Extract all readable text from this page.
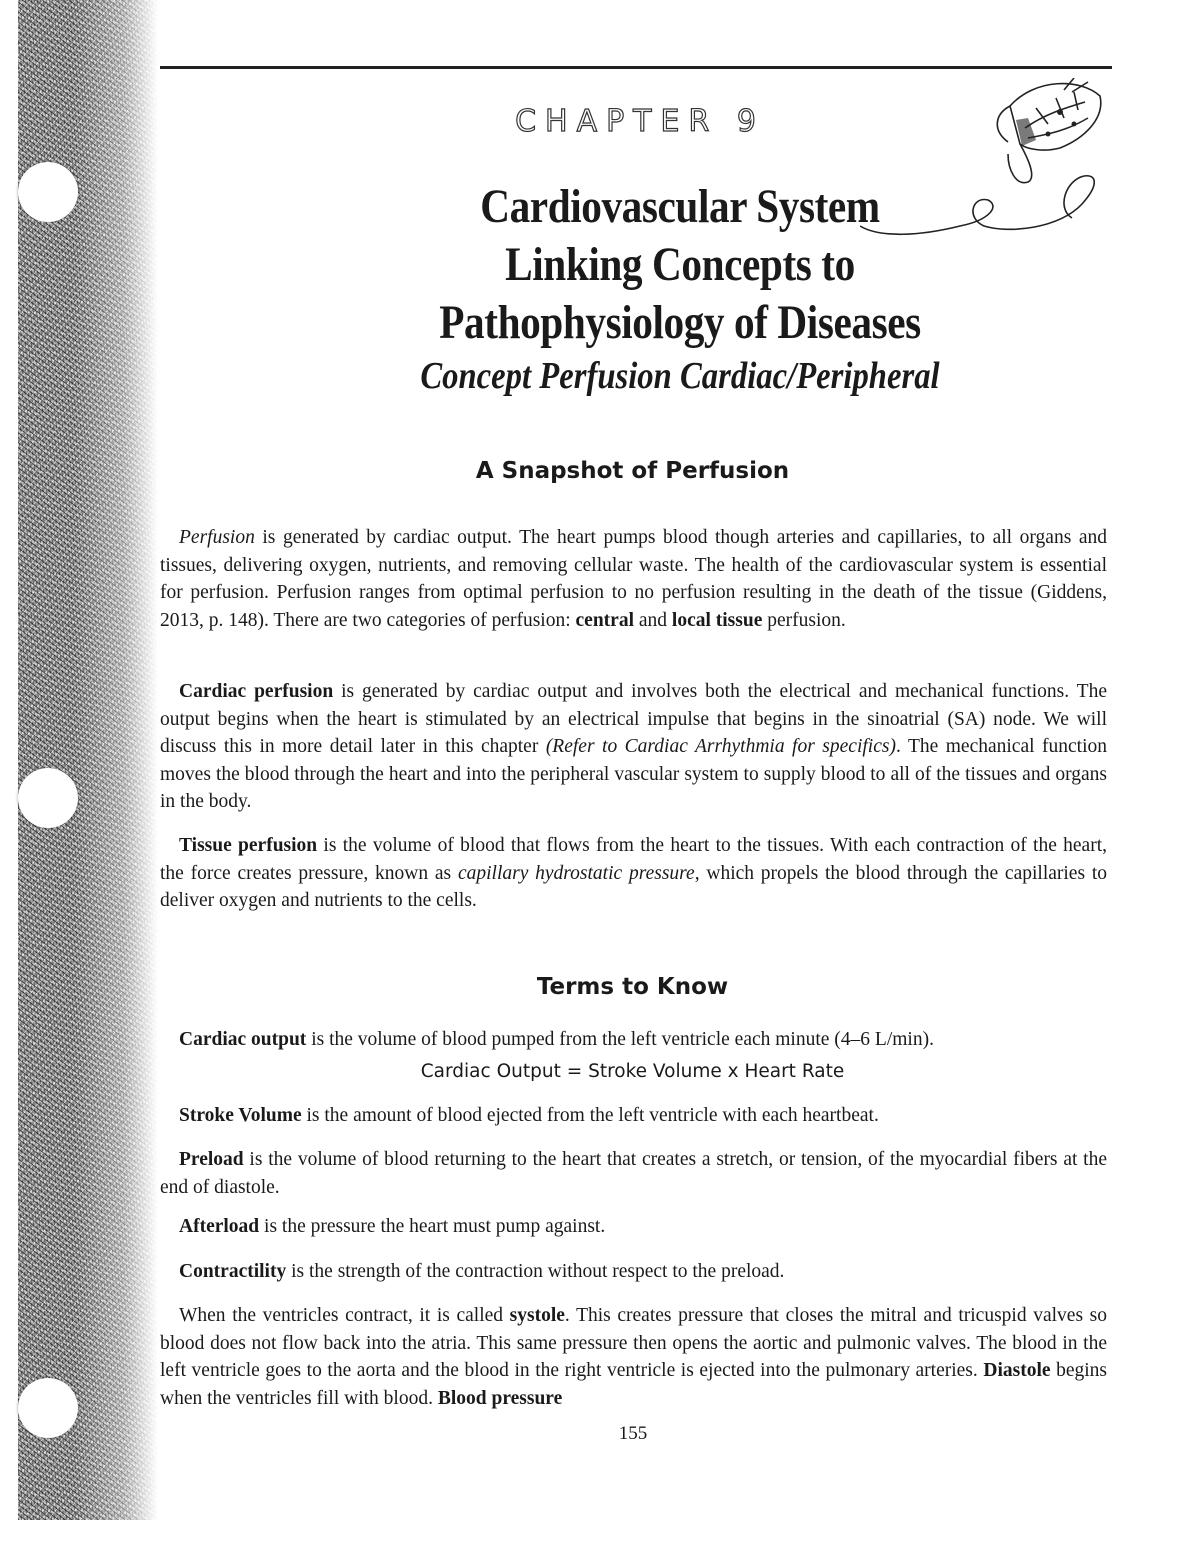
CHAPTER 9
Cardiovascular System
Linking Concepts to
Pathophysiology of Diseases
Concept Perfusion Cardiac/Peripheral
A Snapshot of Perfusion

Perfusion is generated by cardiac output. The heart pumps blood though arteries and capillaries, to all organs and tissues, delivering oxygen, nutrients, and removing cellular waste. The health of the cardiovascular system is essential for perfusion. Perfusion ranges from optimal perfusion to no perfusion resulting in the death of the tissue (Giddens, 2013, p. 148). There are two categories of perfusion: central and local tissue perfusion.

Cardiac perfusion is generated by cardiac output and involves both the electrical and mechanical functions. The output begins when the heart is stimulated by an electrical impulse that begins in the sinoatrial (SA) node. We will discuss this in more detail later in this chapter (Refer to Cardiac Arrhythmia for specifics). The mechanical function moves the blood through the heart and into the peripheral vascular system to supply blood to all of the tissues and organs in the body.

Tissue perfusion is the volume of blood that flows from the heart to the tissues. With each contraction of the heart, the force creates pressure, known as capillary hydrostatic pressure, which propels the blood through the capillaries to deliver oxygen and nutrients to the cells.

Terms to Know

Cardiac output is the volume of blood pumped from the left ventricle each minute (4–6 L/min).

Cardiac Output = Stroke Volume x Heart Rate

Stroke Volume is the amount of blood ejected from the left ventricle with each heartbeat.

Preload is the volume of blood returning to the heart that creates a stretch, or tension, of the myocardial fibers at the end of diastole.

Afterload is the pressure the heart must pump against.

Contractility is the strength of the contraction without respect to the preload.

When the ventricles contract, it is called systole. This creates pressure that closes the mitral and tricuspid valves so blood does not flow back into the atria. This same pressure then opens the aortic and pulmonic valves. The blood in the left ventricle goes to the aorta and the blood in the right ventricle is ejected into the pulmonary arteries. Diastole begins when the ventricles fill with blood. Blood pressure

155
